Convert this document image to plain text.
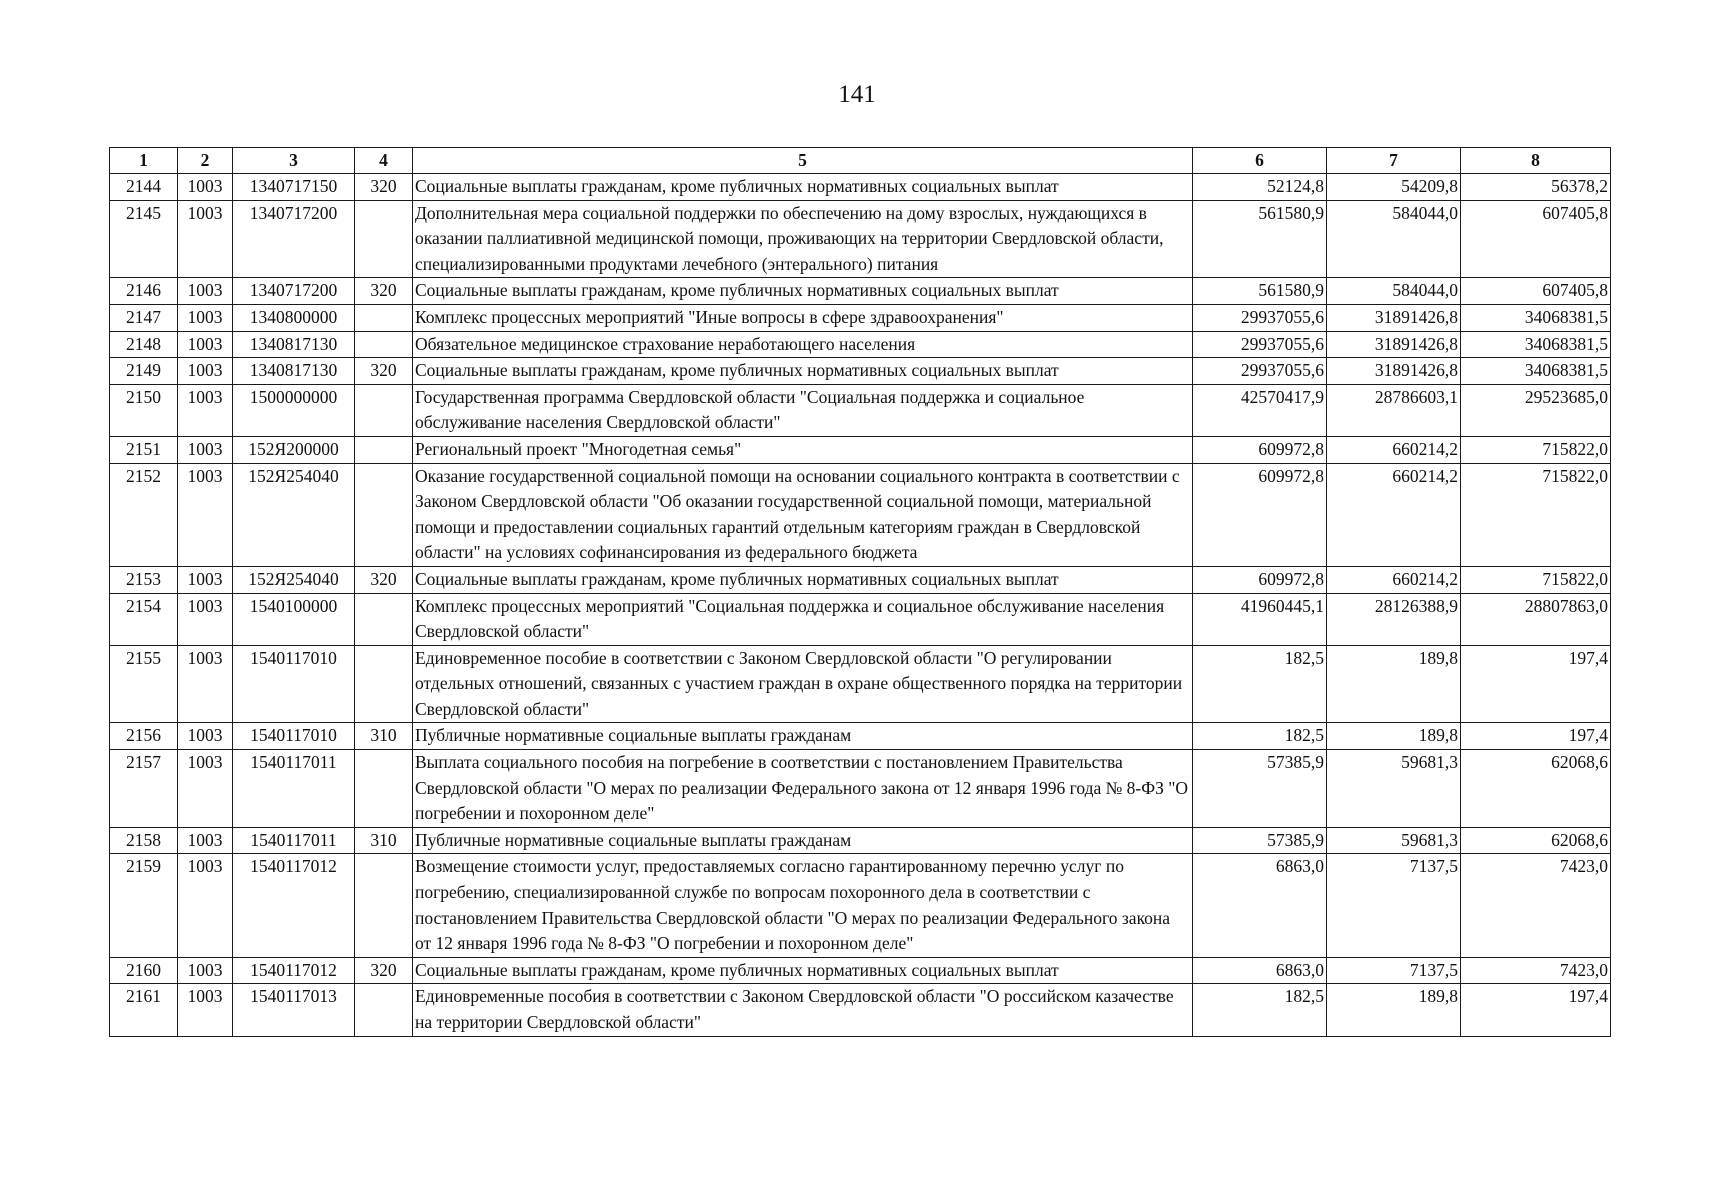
141
1	2	3	4	5	6	7	8
2144	1003	1340717150	320	Социальные выплаты гражданам, кроме публичных нормативных социальных выплат	52124,8	54209,8	56378,2
2145	1003	1340717200		Дополнительная мера социальной поддержки по обеспечению на дому взрослых, нуждающихся в оказании паллиативной медицинской помощи, проживающих на территории Свердловской области, специализированными продуктами лечебного (энтерального) питания	561580,9	584044,0	607405,8
2146	1003	1340717200	320	Социальные выплаты гражданам, кроме публичных нормативных социальных выплат	561580,9	584044,0	607405,8
2147	1003	1340800000		Комплекс процессных мероприятий "Иные вопросы в сфере здравоохранения"	29937055,6	31891426,8	34068381,5
2148	1003	1340817130		Обязательное медицинское страхование неработающего населения	29937055,6	31891426,8	34068381,5
2149	1003	1340817130	320	Социальные выплаты гражданам, кроме публичных нормативных социальных выплат	29937055,6	31891426,8	34068381,5
2150	1003	1500000000		Государственная программа Свердловской области "Социальная поддержка и социальное обслуживание населения Свердловской области"	42570417,9	28786603,1	29523685,0
2151	1003	152Я200000		Региональный проект "Многодетная семья"	609972,8	660214,2	715822,0
2152	1003	152Я254040		Оказание государственной социальной помощи на основании социального контракта в соответствии с Законом Свердловской области "Об оказании государственной социальной помощи, материальной помощи и предоставлении социальных гарантий отдельным категориям граждан в Свердловской области" на условиях софинансирования из федерального бюджета	609972,8	660214,2	715822,0
2153	1003	152Я254040	320	Социальные выплаты гражданам, кроме публичных нормативных социальных выплат	609972,8	660214,2	715822,0
2154	1003	1540100000		Комплекс процессных мероприятий "Социальная поддержка и социальное обслуживание населения Свердловской области"	41960445,1	28126388,9	28807863,0
2155	1003	1540117010		Единовременное пособие в соответствии с Законом Свердловской области "О регулировании отдельных отношений, связанных с участием граждан в охране общественного порядка на территории Свердловской области"	182,5	189,8	197,4
2156	1003	1540117010	310	Публичные нормативные социальные выплаты гражданам	182,5	189,8	197,4
2157	1003	1540117011		Выплата социального пособия на погребение в соответствии с постановлением Правительства Свердловской области "О мерах по реализации Федерального закона от 12 января 1996 года № 8-ФЗ "О погребении и похоронном деле"	57385,9	59681,3	62068,6
2158	1003	1540117011	310	Публичные нормативные социальные выплаты гражданам	57385,9	59681,3	62068,6
2159	1003	1540117012		Возмещение стоимости услуг, предоставляемых согласно гарантированному перечню услуг по погребению, специализированной службе по вопросам похоронного дела в соответствии с постановлением Правительства Свердловской области "О мерах по реализации Федерального закона от 12 января 1996 года № 8-ФЗ "О погребении и похоронном деле"	6863,0	7137,5	7423,0
2160	1003	1540117012	320	Социальные выплаты гражданам, кроме публичных нормативных социальных выплат	6863,0	7137,5	7423,0
2161	1003	1540117013		Единовременные пособия в соответствии с Законом Свердловской области "О российском казачестве на территории Свердловской области"	182,5	189,8	197,4
